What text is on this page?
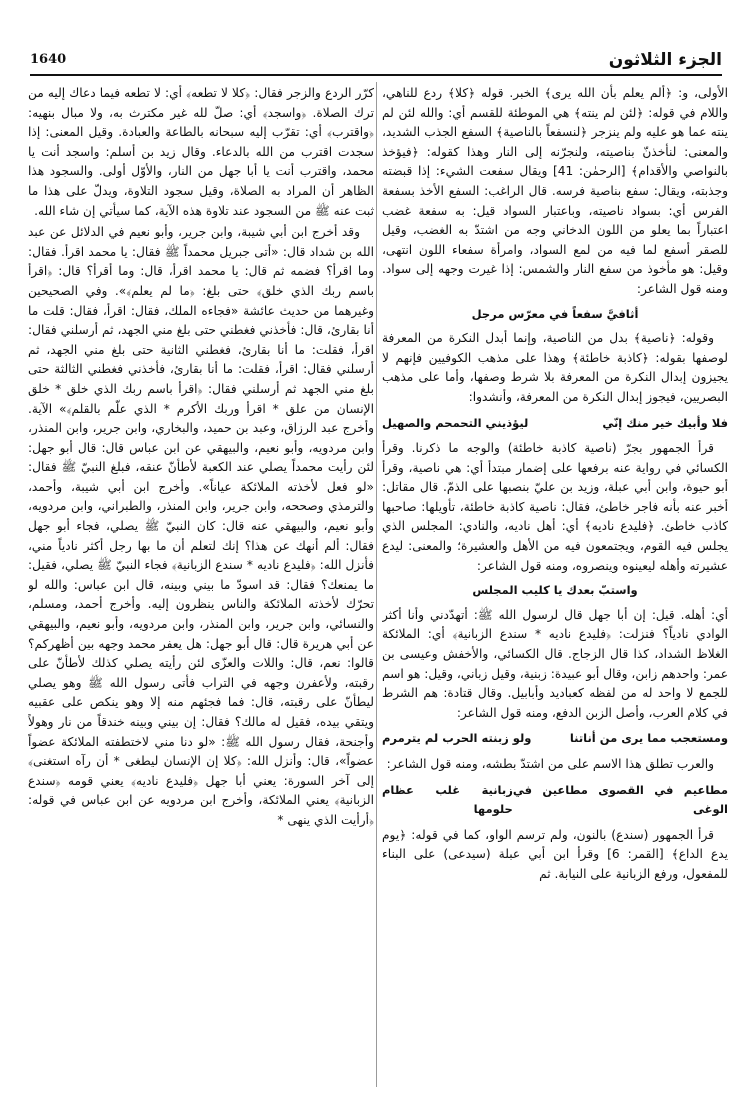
الجزء الثلاثون
1640

الأولى، و: ﴿ألم يعلم بأن الله يرى﴾ الخبر. قوله ﴿كلا﴾ ردع للناهي، واللام في قوله: ﴿لئن لم ينته﴾ هي الموطئة للقسم أي: والله لئن لم ينته عما هو عليه ولم ينزجر ﴿لنسفعاً بالناصية﴾ السفع الجذب الشديد، والمعنى: لنأخذنّ بناصيته، ولنجرّنه إلى النار وهذا كقوله: ﴿فيؤخذ بالنواصي والأقدام﴾ [الرحمٰن: 41] ويقال سفعت الشيء: إذا قبضته وجذبته، ويقال: سفع بناصية فرسه. قال الراغب: السفع الأخذ بسفعة الفرس أي: بسواد ناصيته، وباعتبار السواد قيل: به سفعة غضب اعتباراً بما يعلو من اللون الدخاني وجه من اشتدّ به الغضب، وقيل للصقر أسفع لما فيه من لمع السواد، وامرأة سفعاء اللون انتهى، وقيل: هو مأخوذ من سفع النار والشمس: إذا غيرت وجهه إلى سواد. ومنه قول الشاعر:

أثافيَّ سفعاً في معرّس مرجل

وقوله: ﴿ناصية﴾ بدل من الناصية، وإنما أبدل النكرة من المعرفة لوصفها بقوله: ﴿كاذبة خاطئة﴾ وهذا على مذهب الكوفيين فإنهم لا يجيزون إبدال النكرة من المعرفة بلا شرط وصفها، وأما على مذهب البصريين، فيجوز إبدال النكرة من المعرفة، وأنشدوا:

فلا وأبيك خير منك إنّي
ليؤذيني التحمحم والصهيل

قرأ الجمهور بجرّ (ناصية كاذبة خاطئة) والوجه ما ذكرنا. وقرأ الكسائي في رواية عنه برفعها على إضمار مبتدأ أي: هي ناصية، وقرأ أبو حيوة، وابن أبي عبلة، وزيد بن عليّ بنصبها على الذمّ. قال مقاتل: أخبر عنه بأنه فاجر خاطئ، فقال: ناصية كاذبة خاطئة، تأويلها: صاحبها كاذب خاطئ. ﴿فليدع ناديه﴾ أي: أهل ناديه، والنادي: المجلس الذي يجلس فيه القوم، ويجتمعون فيه من الأهل والعشيرة؛ والمعنى: ليدع عشيرته وأهله ليعينوه وينصروه، ومنه قول الشاعر:

واستبّ بعدك يا كليب المجلس

أي: أهله. قيل: إن أبا جهل قال لرسول الله ﷺ: أتهدّدني وأنا أكثر الوادي نادياً؟ فنزلت: ﴿فليدع ناديه * سندع الزبانية﴾ أي: الملائكة الغلاظ الشداد، كذا قال الزجاج. قال الكسائي، والأخفش وعيسى بن عمر: واحدهم زابن، وقال أبو عبيدة: زبنية، وقيل زباني، وقيل: هو اسم للجمع لا واحد له من لفظه كعباديد وأبابيل. وقال قتادة: هم الشرط في كلام العرب، وأصل الزبن الدفع، ومنه قول الشاعر:

ومستعجب مما يرى من أناتنا
ولو زبنته الحرب لم يترمرم

والعرب تطلق هذا الاسم على من اشتدّ بطشه، ومنه قول الشاعر:

مطاعيم في القصوى مطاعين في الوغى
زبانية غلب عظام حلومها

قرأ الجمهور (سندع) بالنون، ولم ترسم الواو، كما في قوله: ﴿يوم يدع الداع﴾ [القمر: 6] وقرأ ابن أبي عبلة (سيدعى) على البناء للمفعول، ورفع الزبانية على النيابة. ثم

كرّر الردع والزجر فقال: ﴿كلا لا تطعه﴾ أي: لا تطعه فيما دعاك إليه من ترك الصلاة. ﴿واسجد﴾ أي: صلّ لله غير مكترث به، ولا مبال بنهيه: ﴿واقترب﴾ أي: تقرّب إليه سبحانه بالطاعة والعبادة. وقيل المعنى: إذا سجدت اقترب من الله بالدعاء. وقال زيد بن أسلم: واسجد أنت يا محمد، واقترب أنت يا أبا جهل من النار، والأوّل أولى. والسجود هذا الظاهر أن المراد به الصلاة، وقيل سجود التلاوة، ويدلّ على هذا ما ثبت عنه ﷺ من السجود عند تلاوة هذه الآية، كما سيأتي إن شاء الله.

وقد أخرج ابن أبي شيبة، وابن جرير، وأبو نعيم في الدلائل عن عبد الله بن شداد قال: «أتى جبريل محمداً ﷺ فقال: يا محمد اقرأ. فقال: وما اقرأ؟ فضمه ثم قال: يا محمد اقرأ، قال: وما أقرأ؟ قال: ﴿اقرأ باسم ربك الذي خلق﴾ حتى بلغ: ﴿ما لم يعلم﴾». وفي الصحيحين وغيرهما من حديث عائشة «فجاءه الملك، فقال: اقرأ، فقال: قلت ما أنا بقارئ، قال: فأخذني فغطني حتى بلغ مني الجهد، ثم أرسلني فقال: اقرأ، فقلت: ما أنا بقارئ، فغطني الثانية حتى بلغ مني الجهد، ثم أرسلني فقال: اقرأ، فقلت: ما أنا بقارئ، فأخذني فغطني الثالثة حتى بلغ مني الجهد ثم أرسلني فقال: ﴿اقرأ باسم ربك الذي خلق * خلق الإنسان من علق * اقرأ وربك الأكرم * الذي علّم بالقلم﴾» الآية. وأخرج عبد الرزاق، وعبد بن حميد، والبخاري، وابن جرير، وابن المنذر، وابن مردويه، وأبو نعيم، والبيهقي عن ابن عباس قال: قال أبو جهل: لئن رأيت محمداً يصلي عند الكعبة لأطأنّ عنقه، فبلغ النبيّ ﷺ فقال: «لو فعل لأخذته الملائكة عياناً». وأخرج ابن أبي شيبة، وأحمد، والترمذي وصححه، وابن جرير، وابن المنذر، والطبراني، وابن مردويه، وأبو نعيم، والبيهقي عنه قال: كان النبيّ ﷺ يصلي، فجاء أبو جهل فقال: ألم أنهك عن هذا؟ إنك لتعلم أن ما بها رجل أكثر نادياً مني، فأنزل الله: ﴿فليدع ناديه * سندع الزبانية﴾ فجاء النبيّ ﷺ يصلي، فقيل: ما يمنعك؟ فقال: قد اسودّ ما بيني وبينه، قال ابن عباس: والله لو تحرّك لأخذته الملائكة والناس ينظرون إليه. وأخرج أحمد، ومسلم، والنسائي، وابن جرير، وابن المنذر، وابن مردويه، وأبو نعيم، والبيهقي عن أبي هريرة قال: قال أبو جهل: هل يعفر محمد وجهه بين أظهركم؟ قالوا: نعم، قال: واللات والعزّى لئن رأيته يصلي كذلك لأطأنّ على رقبته، ولأعفرن وجهه في التراب فأتى رسول الله ﷺ وهو يصلي ليطأنّ على رقبته، قال: فما فجئهم منه إلا وهو ينكص على عقبيه ويتقي بيده، فقيل له مالك؟ فقال: إن بيني وبينه خندقاً من نار وهولاً وأجنحة، فقال رسول الله ﷺ: «لو دنا مني لاختطفته الملائكة عضواً عضواً»، قال: وأنزل الله: ﴿كلا إن الإنسان ليطغى * أن رآه استغنى﴾ إلى آخر السورة: يعني أبا جهل ﴿فليدع ناديه﴾ يعني قومه ﴿سندع الزبانية﴾ يعني الملائكة، وأخرج ابن مردويه عن ابن عباس في قوله: ﴿أرأيت الذي ينهى *
